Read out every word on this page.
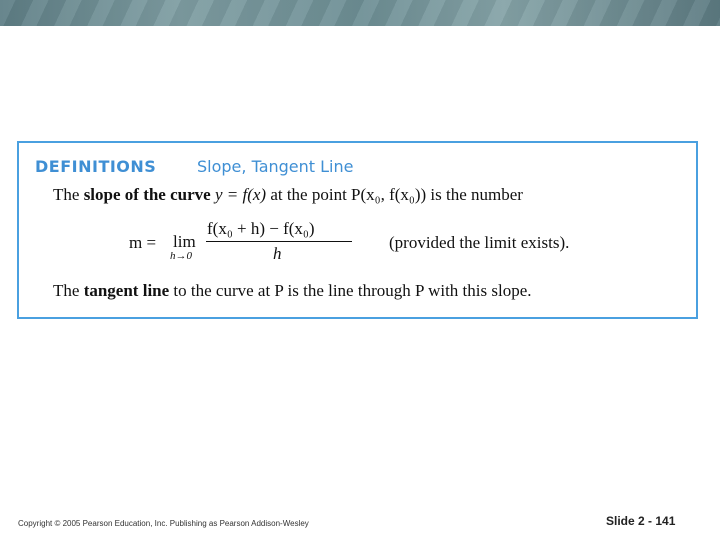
DEFINITIONS	Slope, Tangent Line
The slope of the curve y = f(x) at the point P(x₀, f(x₀)) is the number
m = lim
h→0
f(x₀ + h) − f(x₀)
h
(provided the limit exists).
The tangent line to the curve at P is the line through P with this slope.
Copyright © 2005 Pearson Education, Inc. Publishing as Pearson Addison-Wesley	Slide 2 - 141
